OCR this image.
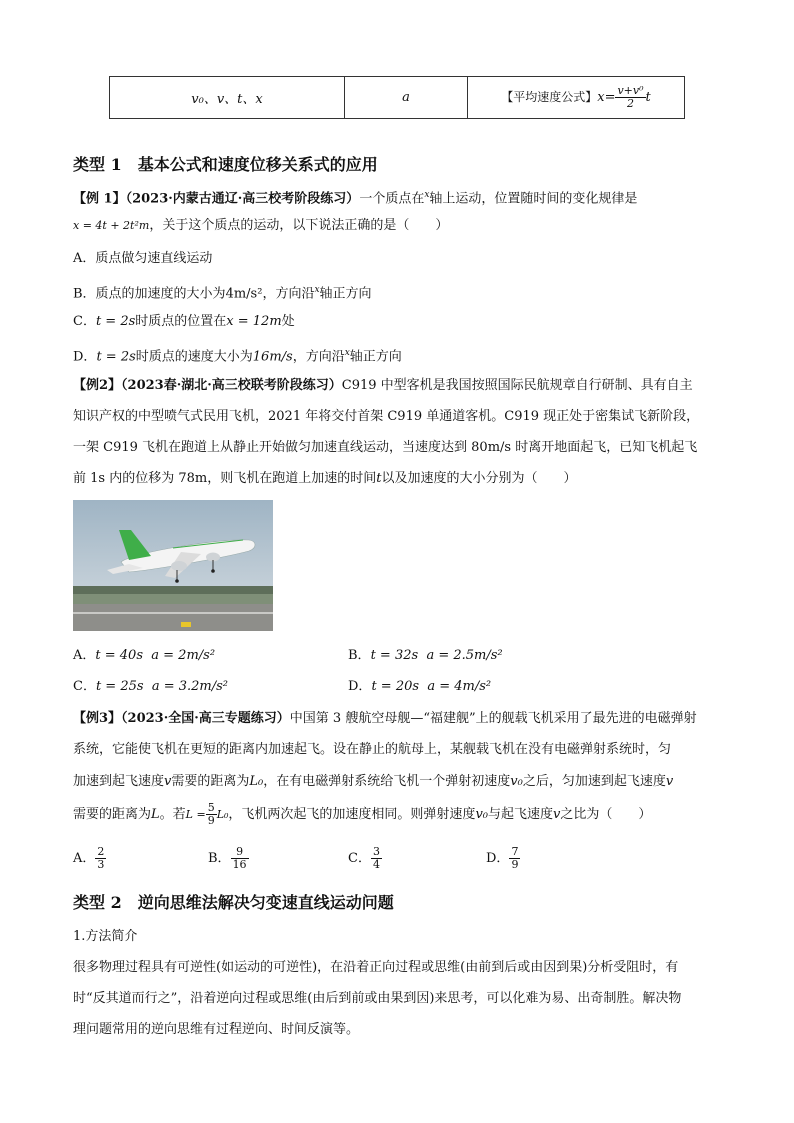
v₀、v、t、x	a	【平均速度公式】$x= \frac{\text{v+v⁰}}{2}$ t
类型 1　基本公式和速度位移关系式的应用
【例 1】（2023·内蒙古通辽·高三校考阶段练习）一个质点在$^x$轴上运动，位置随时间的变化规律是
x = 4t + 2t²m，关于这个质点的运动，以下说法正确的是（　　）
A．质点做匀速直线运动
B．质点的加速度的大小为4m/s²，方向沿$^x$轴正方向
C．t = 2s时质点的位置在x = 12m处
D．t = 2s时质点的速度大小为16m/s，方向沿$^x$轴正方向
【例2】（2023春·湖北·高三校联考阶段练习）C919 中型客机是我国按照国际民航规章自行研制、具有自主
知识产权的中型喷气式民用飞机，2021 年将交付首架 C919 单通道客机。C919 现正处于密集试飞新阶段，
一架 C919 飞机在跑道上从静止开始做匀加速直线运动，当速度达到 80m/s 时离开地面起飞，已知飞机起飞
前 1s 内的位移为 78m，则飞机在跑道上加速的时间t以及加速度的大小分别为（　　）
A．t = 40s a = 2m/s²	B．t = 32s a = 2.5m/s²
C．t = 25s a = 3.2m/s²	D．t = 20s a = 4m/s²
【例3】（2023·全国·高三专题练习）中国第 3 艘航空母舰—“福建舰”上的舰载飞机采用了最先进的电磁弹射
系统，它能使飞机在更短的距离内加速起飞。设在静止的航母上，某舰载飞机在没有电磁弹射系统时，匀
加速到起飞速度v需要的距离为L₀，在有电磁弹射系统给飞机一个弹射初速度v₀之后，匀加速到起飞速度v
需要的距离为L。若$L = \frac{5}{9} L_0$，飞机两次起飞的加速度相同。则弹射速度v₀与起飞速度v之比为（　　）
A． $\frac{2}{3}$	B． $\frac{9}{16}$	C． $\frac{3}{4}$	D． $\frac{7}{9}$
类型 2　逆向思维法解决匀变速直线运动问题
1.方法简介
很多物理过程具有可逆性(如运动的可逆性)，在沿着正向过程或思维(由前到后或由因到果)分析受阻时，有
时“反其道而行之”，沿着逆向过程或思维(由后到前或由果到因)来思考，可以化难为易、出奇制胜。解决物
理问题常用的逆向思维有过程逆向、时间反演等。
